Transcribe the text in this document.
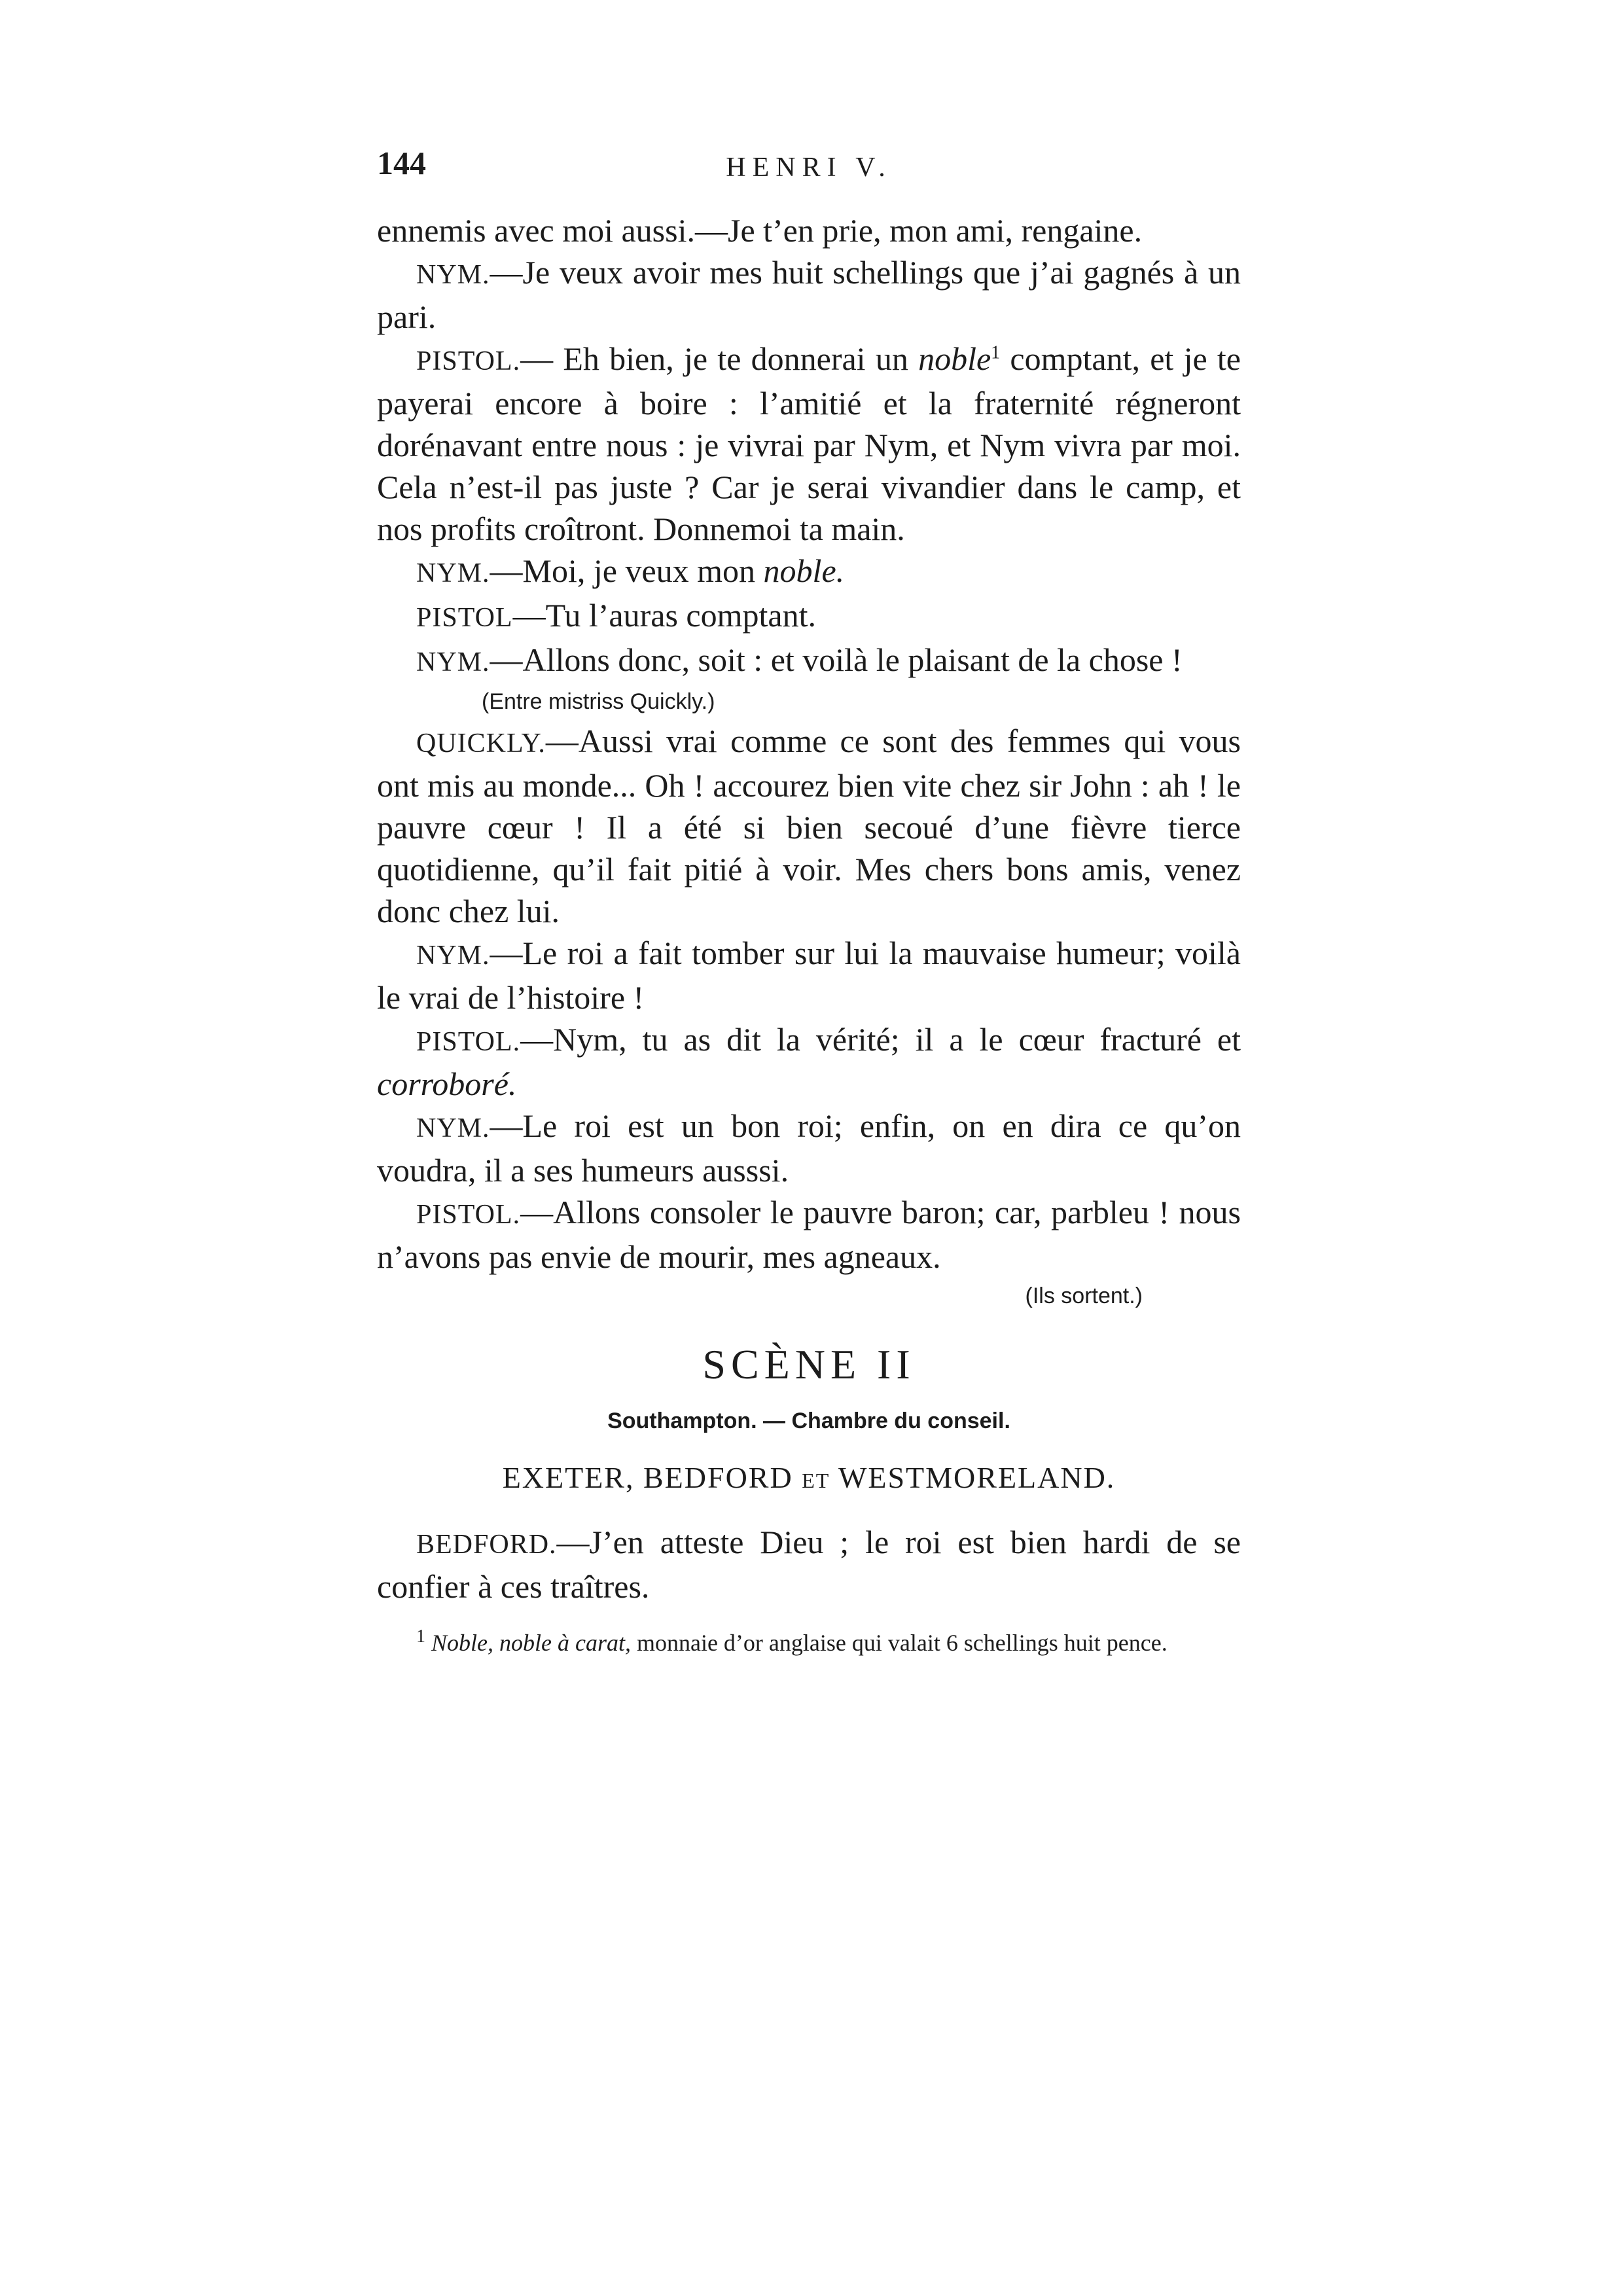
144	HENRI V.

ennemis avec moi aussi.—Je t’en prie, mon ami, rengaine.

NYM.—Je veux avoir mes huit schellings que j’ai gagnés à un pari.

PISTOL.— Eh bien, je te donnerai un noble$^1$ comptant, et je te payerai encore à boire : l’amitié et la fraternité régneront dorénavant entre nous : je vivrai par Nym, et Nym vivra par moi. Cela n’est-il pas juste ? Car je serai vivandier dans le camp, et nos profits croîtront. Donnemoi ta main.

NYM.—Moi, je veux mon noble.

PISTOL—Tu l’auras comptant.

NYM.—Allons donc, soit : et voilà le plaisant de la chose !

(Entre mistriss Quickly.)

QUICKLY.—Aussi vrai comme ce sont des femmes qui vous ont mis au monde... Oh ! accourez bien vite chez sir John : ah ! le pauvre cœur ! Il a été si bien secoué d’une fièvre tierce quotidienne, qu’il fait pitié à voir. Mes chers bons amis, venez donc chez lui.

NYM.—Le roi a fait tomber sur lui la mauvaise humeur; voilà le vrai de l’histoire !

PISTOL.—Nym, tu as dit la vérité; il a le cœur fracturé et corroboré.

NYM.—Le roi est un bon roi; enfin, on en dira ce qu’on voudra, il a ses humeurs ausssi.

PISTOL.—Allons consoler le pauvre baron; car, parbleu ! nous n’avons pas envie de mourir, mes agneaux.

(Ils sortent.)

SCÈNE II

Southampton. — Chambre du conseil.

EXETER, BEDFORD ET WESTMORELAND.

BEDFORD.—J’en atteste Dieu ; le roi est bien hardi de se confier à ces traîtres.

$^1$ Noble, noble à carat, monnaie d’or anglaise qui valait 6 schellings huit pence.
